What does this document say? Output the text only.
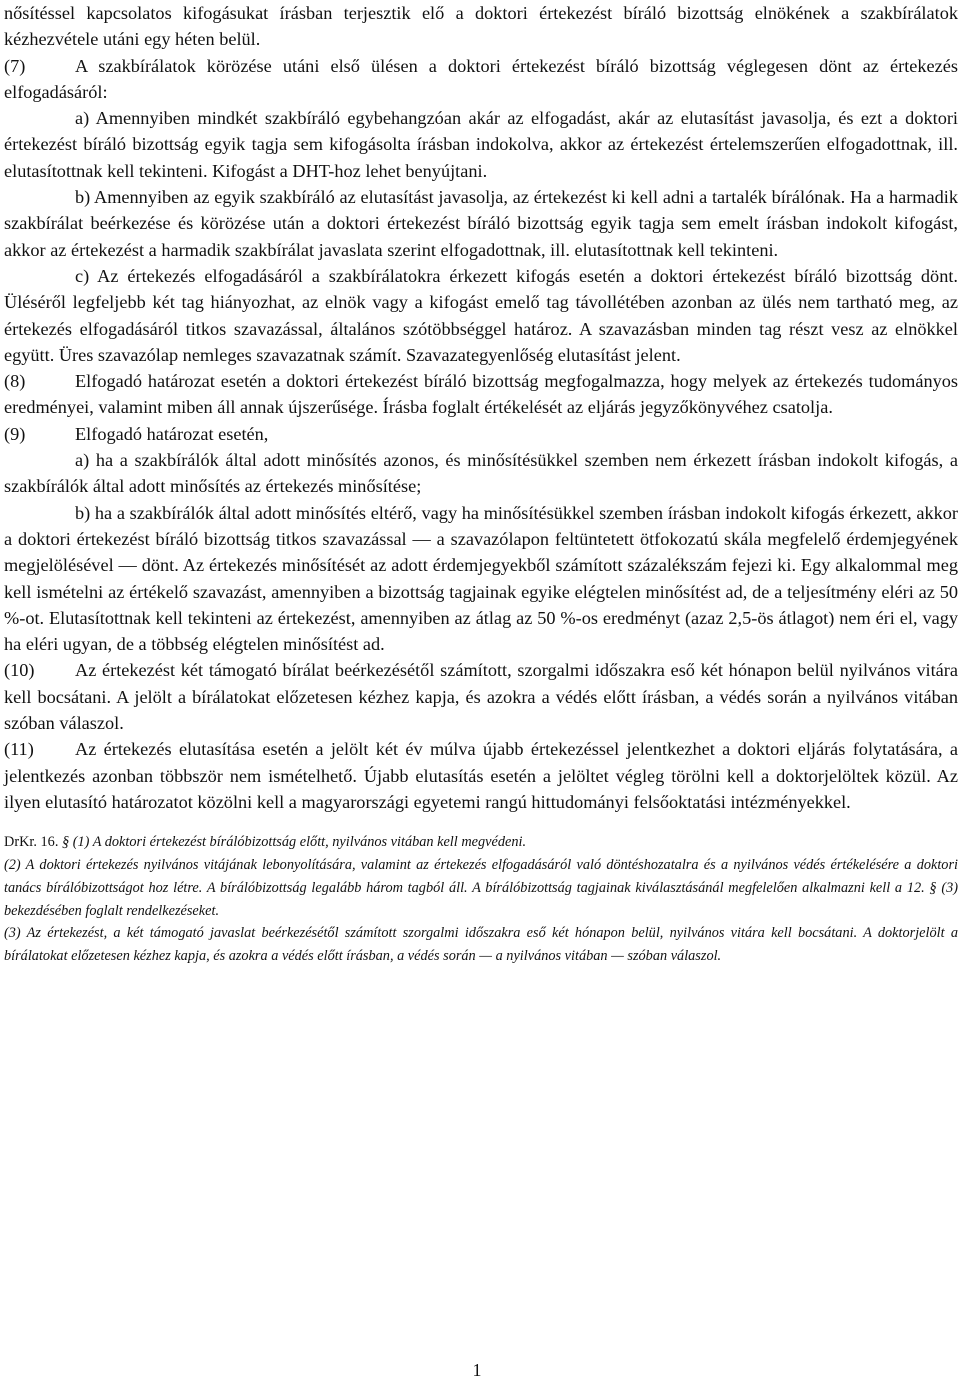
nősítéssel kapcsolatos kifogásukat írásban terjesztik elő a doktori értekezést bíráló bizottság elnökének a szakbírálatok kézhezvétele utáni egy héten belül.

(7)	A szakbírálatok körözése utáni első ülésen a doktori értekezést bíráló bizottság véglegesen dönt az értekezés elfogadásáról:

a) Amennyiben mindkét szakbíráló egybehangzóan akár az elfogadást, akár az elutasítást javasolja, és ezt a doktori értekezést bíráló bizottság egyik tagja sem kifogásolta írásban indokolva, akkor az értekezést értelemszerűen elfogadottnak, ill. elutasítottnak kell tekinteni. Kifogást a DHT-hoz lehet benyújtani.

b) Amennyiben az egyik szakbíráló az elutasítást javasolja, az értekezést ki kell adni a tartalék bírálónak. Ha a harmadik szakbírálat beérkezése és körözése után a doktori értekezést bíráló bizottság egyik tagja sem emelt írásban indokolt kifogást, akkor az értekezést a harmadik szakbírálat javaslata szerint elfogadottnak, ill. elutasítottnak kell tekinteni.

c) Az értekezés elfogadásáról a szakbírálatokra érkezett kifogás esetén a doktori értekezést bíráló bizottság dönt. Üléséről legfeljebb két tag hiányozhat, az elnök vagy a kifogást emelő tag távollétében azonban az ülés nem tartható meg, az értekezés elfogadásáról titkos szavazással, általános szótöbbséggel határoz. A szavazásban minden tag részt vesz az elnökkel együtt. Üres szavazólap nemleges szavazatnak számít. Szavazategyenlőség elutasítást jelent.

(8)	Elfogadó határozat esetén a doktori értekezést bíráló bizottság megfogalmazza, hogy melyek az értekezés tudományos eredményei, valamint miben áll annak újszerűsége. Írásba foglalt értékelését az eljárás jegyzőkönyvéhez csatolja.

(9)	Elfogadó határozat esetén,

a) ha a szakbírálók által adott minősítés azonos, és minősítésükkel szemben nem érkezett írásban indokolt kifogás, a szakbírálók által adott minősítés az értekezés minősítése;

b) ha a szakbírálók által adott minősítés eltérő, vagy ha minősítésükkel szemben írásban indokolt kifogás érkezett, akkor a doktori értekezést bíráló bizottság titkos szavazással — a szavazólapon feltüntetett ötfokozatú skála megfelelő érdemjegyének megjelölésével — dönt. Az értekezés minősítését az adott érdemjegyekből számított százalékszám fejezi ki. Egy alkalommal meg kell ismételni az értékelő szavazást, amennyiben a bizottság tagjainak egyike elégtelen minősítést ad, de a teljesítmény eléri az 50 %-ot. Elutasítottnak kell tekinteni az értekezést, amennyiben az átlag az 50 %-os eredményt (azaz 2,5-ös átlagot) nem éri el, vagy ha eléri ugyan, de a többség elégtelen minősítést ad.

(10) Az értekezést két támogató bírálat beérkezésétől számított, szorgalmi időszakra eső két hónapon belül nyilvános vitára kell bocsátani. A jelölt a bírálatokat előzetesen kézhez kapja, és azokra a védés előtt írásban, a védés során a nyilvános vitában szóban válaszol.

(11) Az értekezés elutasítása esetén a jelölt két év múlva újabb értekezéssel jelentkezhet a doktori eljárás folytatására, a jelentkezés azonban többször nem ismételhető. Újabb elutasítás esetén a jelöltet végleg törölni kell a doktorjelöltek közül. Az ilyen elutasító határozatot közölni kell a magyarországi egyetemi rangú hittudományi felsőoktatási intézményekkel.

DrKr. 16. § (1) A doktori értekezést bírálóbizottság előtt, nyilvános vitában kell megvédeni.

(2) A doktori értekezés nyilvános vitájának lebonyolítására, valamint az értekezés elfogadásáról való döntéshozatalra és a nyilvános védés értékelésére a doktori tanács bírálóbizottságot hoz létre. A bírálóbizottság legalább három tagból áll. A bírálóbizottság tagjainak kiválasztásánál megfelelően alkalmazni kell a 12. § (3) bekezdésében foglalt rendelkezéseket.

(3) Az értekezést, a két támogató javaslat beérkezésétől számított szorgalmi időszakra eső két hónapon belül, nyilvános vitára kell bocsátani. A doktorjelölt a bírálatokat előzetesen kézhez kapja, és azokra a védés előtt írásban, a védés során — a nyilvános vitában — szóban válaszol.

1
